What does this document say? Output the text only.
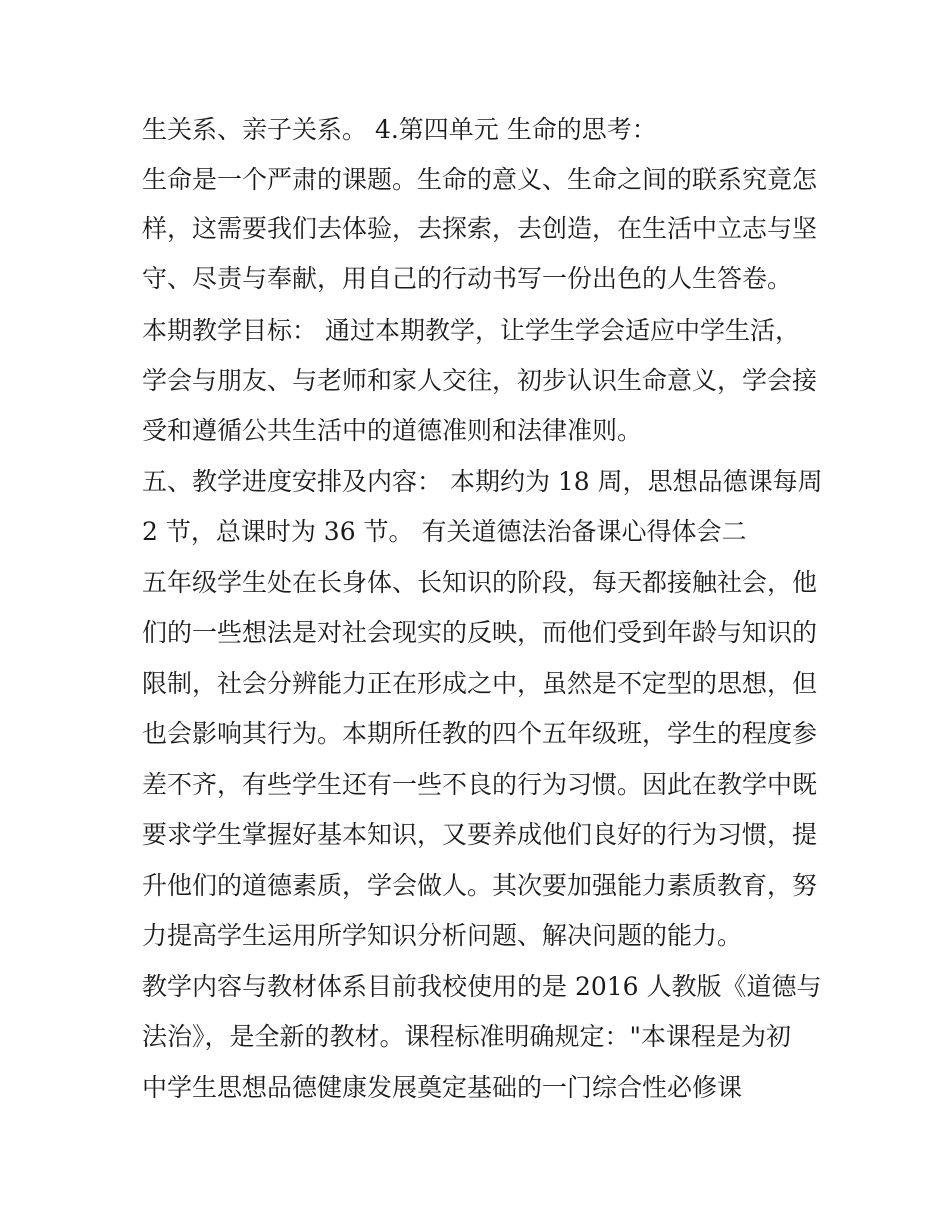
生关系、亲子关系。 4.第四单元 生命的思考：
生命是一个严肃的课题。生命的意义、生命之间的联系究竟怎
样，这需要我们去体验，去探索，去创造，在生活中立志与坚
守、尽责与奉献，用自己的行动书写一份出色的人生答卷。
本期教学目标： 通过本期教学，让学生学会适应中学生活，
学会与朋友、与老师和家人交往，初步认识生命意义，学会接
受和遵循公共生活中的道德准则和法律准则。
五、教学进度安排及内容： 本期约为 18 周，思想品德课每周
2 节，总课时为 36 节。 有关道德法治备课心得体会二
五年级学生处在长身体、长知识的阶段，每天都接触社会，他
们的一些想法是对社会现实的反映，而他们受到年龄与知识的
限制，社会分辨能力正在形成之中，虽然是不定型的思想，但
也会影响其行为。本期所任教的四个五年级班，学生的程度参
差不齐，有些学生还有一些不良的行为习惯。因此在教学中既
要求学生掌握好基本知识，又要养成他们良好的行为习惯，提
升他们的道德素质，学会做人。其次要加强能力素质教育，努
力提高学生运用所学知识分析问题、解决问题的能力。
教学内容与教材体系目前我校使用的是 2016 人教版《道德与
法治》，是全新的教材。课程标准明确规定："本课程是为初
中学生思想品德健康发展奠定基础的一门综合性必修课
